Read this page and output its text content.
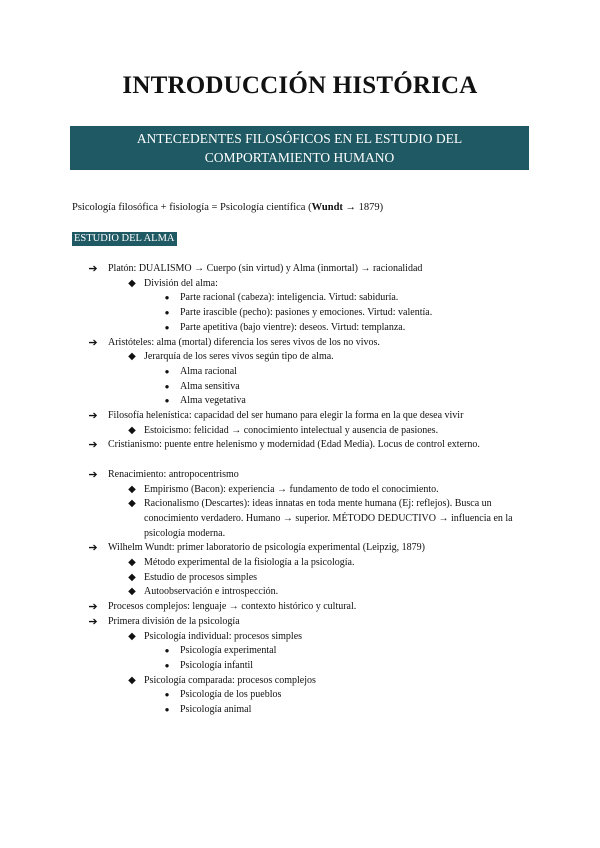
INTRODUCCIÓN HISTÓRICA
ANTECEDENTES FILOSÓFICOS EN EL ESTUDIO DEL
COMPORTAMIENTO HUMANO
Psicología filosófica + fisiología = Psicología científica (Wundt → 1879)
ESTUDIO DEL ALMA
➔ Platón: DUALISMO → Cuerpo (sin virtud) y Alma (inmortal) → racionalidad
◆ División del alma:
●	Parte racional (cabeza): inteligencia. Virtud: sabiduría.
●	Parte irascible (pecho): pasiones y emociones. Virtud: valentía.
●	Parte apetitiva (bajo vientre): deseos. Virtud: templanza.
➔ Aristóteles: alma (mortal) diferencia los seres vivos de los no vivos.
◆ Jerarquía de los seres vivos según tipo de alma.
●	Alma racional
●	Alma sensitiva
●	Alma vegetativa
➔ Filosofía helenística: capacidad del ser humano para elegir la forma en la que desea vivir
◆ Estoicismo: felicidad → conocimiento intelectual y ausencia de pasiones.
➔ Cristianismo: puente entre helenismo y modernidad (Edad Media). Locus de control externo.
➔ Renacimiento: antropocentrismo
◆ Empirismo (Bacon): experiencia → fundamento de todo el conocimiento.
◆ Racionalismo (Descartes): ideas innatas en toda mente humana (Ej: reflejos). Busca un conocimiento verdadero. Humano → superior. MÉTODO DEDUCTIVO → influencia en la psicología moderna.
➔ Wilhelm Wundt: primer laboratorio de psicología experimental (Leipzig, 1879)
◆ Método experimental de la fisiología a la psicología.
◆ Estudio de procesos simples
◆ Autoobservación e introspección.
➔ Procesos complejos: lenguaje → contexto histórico y cultural.
➔ Primera división de la psicología
◆ Psicología individual: procesos simples
●	Psicología experimental
●	Psicología infantil
◆ Psicología comparada: procesos complejos
●	Psicología de los pueblos
●	Psicología animal
